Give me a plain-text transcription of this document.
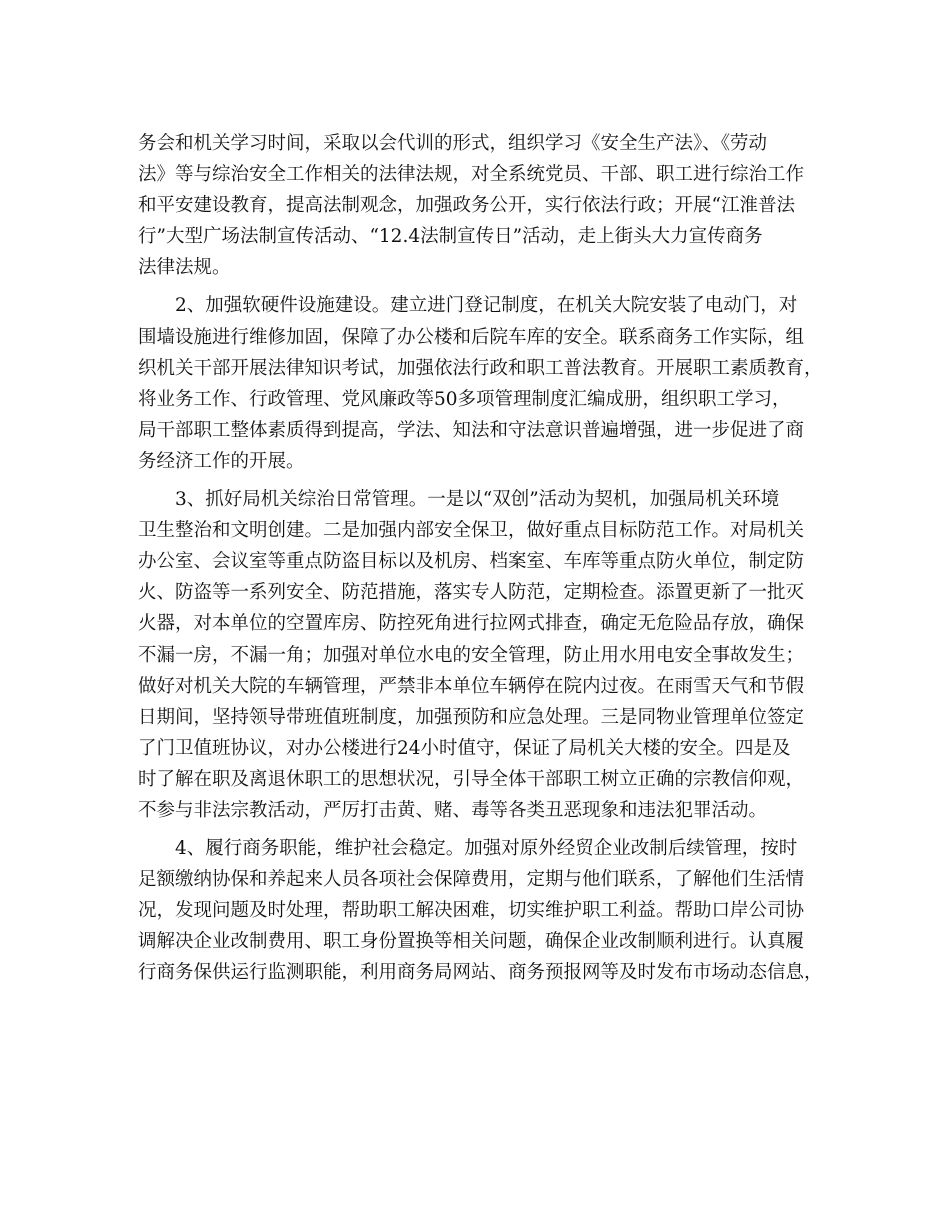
务会和机关学习时间，采取以会代训的形式，组织学习《安全生产法》、《劳动
法》等与综治安全工作相关的法律法规，对全系统党员、干部、职工进行综治工作
和平安建设教育，提高法制观念，加强政务公开，实行依法行政；开展“江淮普法
行”大型广场法制宣传活动、“12.4法制宣传日”活动，走上街头大力宣传商务
法律法规。
2、加强软硬件设施建设。建立进门登记制度，在机关大院安装了电动门，对
围墙设施进行维修加固，保障了办公楼和后院车库的安全。联系商务工作实际，组
织机关干部开展法律知识考试，加强依法行政和职工普法教育。开展职工素质教育，
将业务工作、行政管理、党风廉政等50多项管理制度汇编成册，组织职工学习，
局干部职工整体素质得到提高，学法、知法和守法意识普遍增强，进一步促进了商
务经济工作的开展。
3、抓好局机关综治日常管理。一是以“双创”活动为契机，加强局机关环境
卫生整治和文明创建。二是加强内部安全保卫，做好重点目标防范工作。对局机关
办公室、会议室等重点防盗目标以及机房、档案室、车库等重点防火单位，制定防
火、防盗等一系列安全、防范措施，落实专人防范，定期检查。添置更新了一批灭
火器，对本单位的空置库房、防控死角进行拉网式排查，确定无危险品存放，确保
不漏一房，不漏一角；加强对单位水电的安全管理，防止用水用电安全事故发生；
做好对机关大院的车辆管理，严禁非本单位车辆停在院内过夜。在雨雪天气和节假
日期间，坚持领导带班值班制度，加强预防和应急处理。三是同物业管理单位签定
了门卫值班协议，对办公楼进行24小时值守，保证了局机关大楼的安全。四是及
时了解在职及离退休职工的思想状况，引导全体干部职工树立正确的宗教信仰观，
不参与非法宗教活动，严厉打击黄、赌、毒等各类丑恶现象和违法犯罪活动。
4、履行商务职能，维护社会稳定。加强对原外经贸企业改制后续管理，按时
足额缴纳协保和养起来人员各项社会保障费用，定期与他们联系，了解他们生活情
况，发现问题及时处理，帮助职工解决困难，切实维护职工利益。帮助口岸公司协
调解决企业改制费用、职工身份置换等相关问题，确保企业改制顺利进行。认真履
行商务保供运行监测职能，利用商务局网站、商务预报网等及时发布市场动态信息，
